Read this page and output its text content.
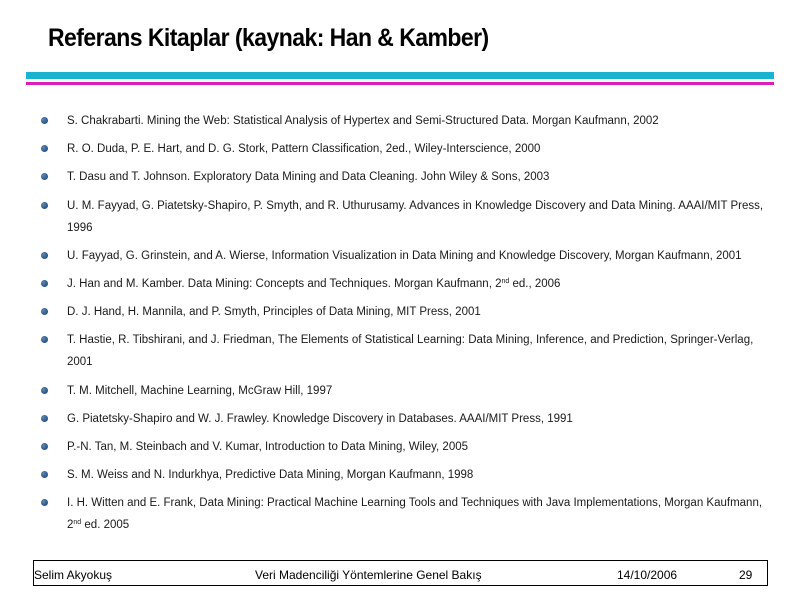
Referans Kitaplar (kaynak: Han & Kamber)
S. Chakrabarti. Mining the Web: Statistical Analysis of Hypertex and Semi-Structured Data. Morgan Kaufmann, 2002
R. O. Duda, P. E. Hart, and D. G. Stork, Pattern Classification, 2ed., Wiley-Interscience, 2000
T. Dasu and T. Johnson. Exploratory Data Mining and Data Cleaning. John Wiley & Sons, 2003
U. M. Fayyad, G. Piatetsky-Shapiro, P. Smyth, and R. Uthurusamy. Advances in Knowledge Discovery and Data Mining. AAAI/MIT Press, 1996
U. Fayyad, G. Grinstein, and A. Wierse, Information Visualization in Data Mining and Knowledge Discovery, Morgan Kaufmann, 2001
J. Han and M. Kamber. Data Mining: Concepts and Techniques. Morgan Kaufmann, 2nd ed., 2006
D. J. Hand, H. Mannila, and P. Smyth, Principles of Data Mining, MIT Press, 2001
T. Hastie, R. Tibshirani, and J. Friedman, The Elements of Statistical Learning: Data Mining, Inference, and Prediction, Springer-Verlag, 2001
T. M. Mitchell, Machine Learning, McGraw Hill, 1997
G. Piatetsky-Shapiro and W. J. Frawley. Knowledge Discovery in Databases. AAAI/MIT Press, 1991
P.-N. Tan, M. Steinbach and V. Kumar, Introduction to Data Mining, Wiley, 2005
S. M. Weiss and N. Indurkhya, Predictive Data Mining, Morgan Kaufmann, 1998
I. H. Witten and E. Frank, Data Mining: Practical Machine Learning Tools and Techniques with Java Implementations, Morgan Kaufmann, 2nd ed. 2005
Selim Akyokuş	Veri Madenciliği Yöntemlerine Genel Bakış	14/10/2006	29
